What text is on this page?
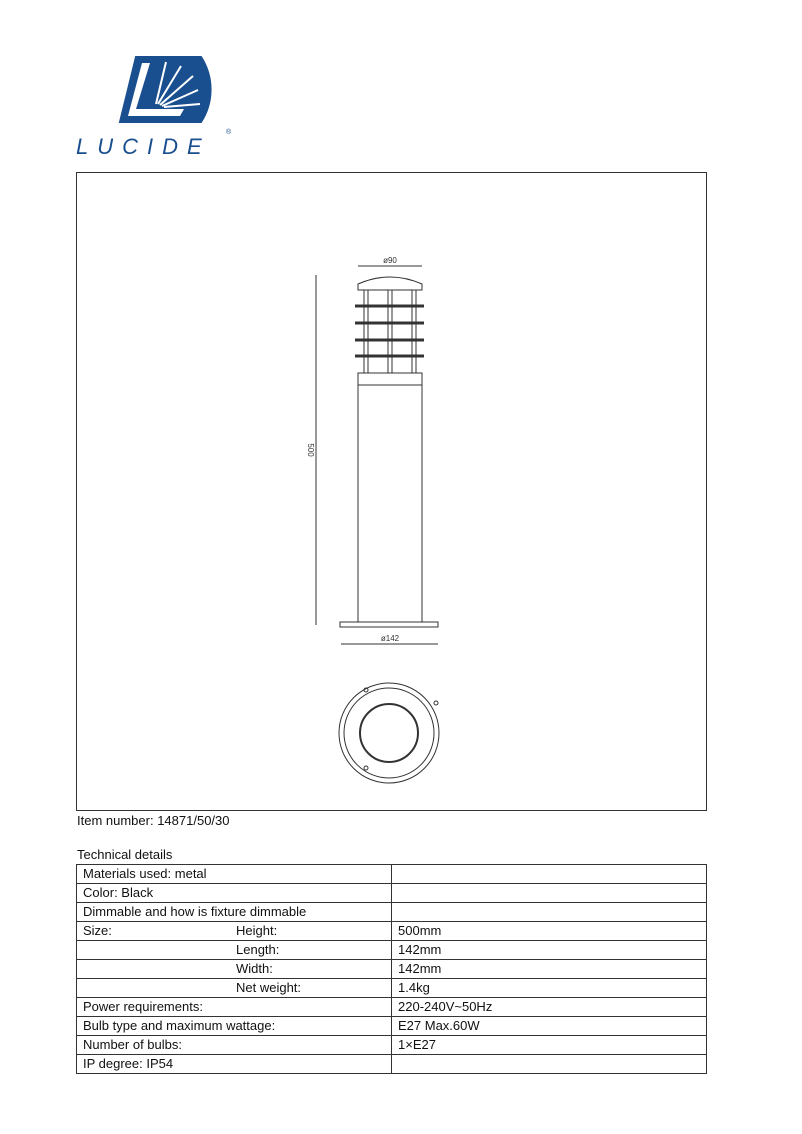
LUCIDE
®
ø90
ø142
500
Item number: 14871/50/30
Technical details
Materials used: metal	
Color: Black	
Dimmable and how is fixture dimmable	
Size: Height:	500mm
Length:	142mm
Width:	142mm
Net weight:	1.4kg
Power requirements:	220-240V~50Hz
Bulb type and maximum wattage:	E27 Max.60W
Number of bulbs:	1×E27
IP degree: IP54	
